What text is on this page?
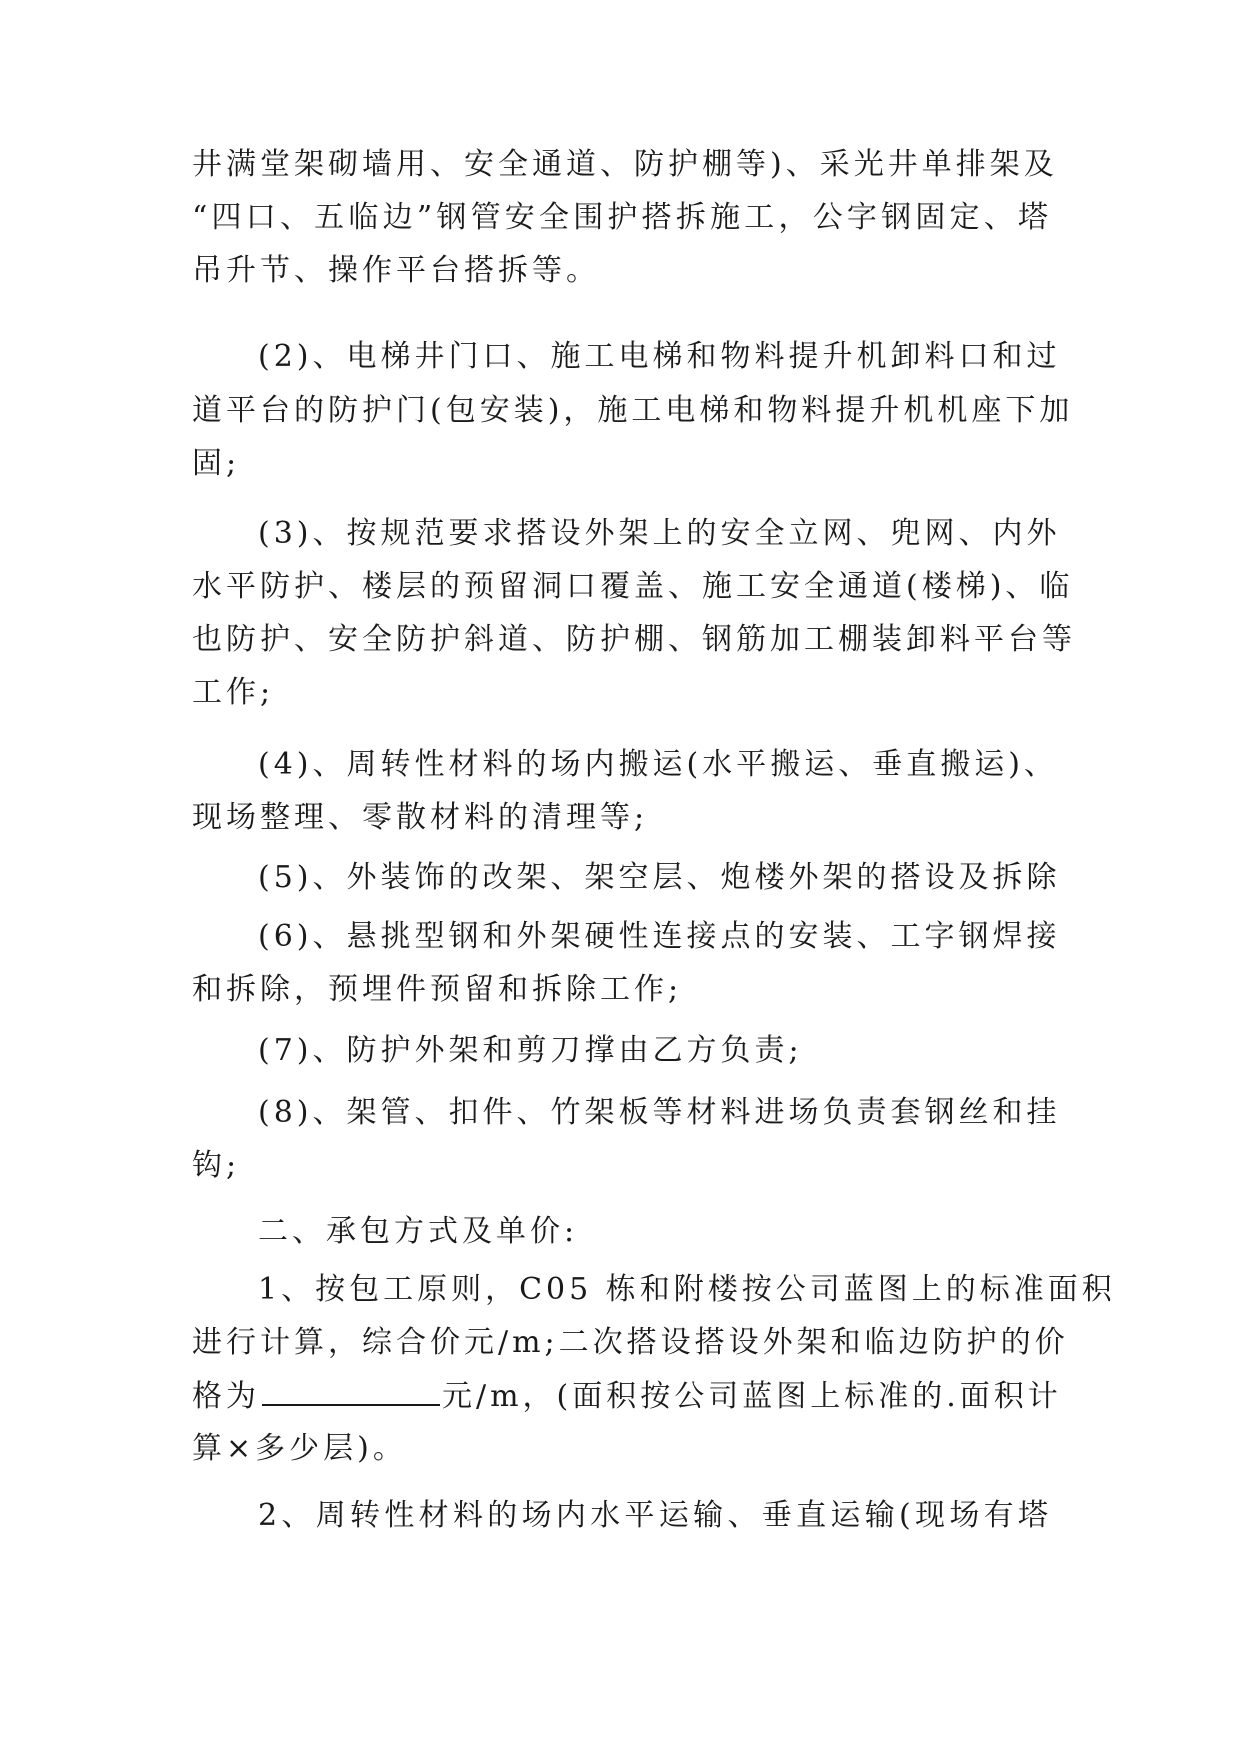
井满堂架砌墙用、安全通道、防护棚等)、采光井单排架及
“四口、五临边”钢管安全围护搭拆施工，公字钢固定、塔
吊升节、操作平台搭拆等。
(2)、电梯井门口、施工电梯和物料提升机卸料口和过
道平台的防护门(包安装)，施工电梯和物料提升机机座下加
固;
(3)、按规范要求搭设外架上的安全立网、兜网、内外
水平防护、楼层的预留洞口覆盖、施工安全通道(楼梯)、临
也防护、安全防护斜道、防护棚、钢筋加工棚装卸料平台等
工作;
(4)、周转性材料的场内搬运(水平搬运、垂直搬运)、
现场整理、零散材料的清理等;
(5)、外装饰的改架、架空层、炮楼外架的搭设及拆除
(6)、悬挑型钢和外架硬性连接点的安装、工字钢焊接
和拆除，预埋件预留和拆除工作;
(7)、防护外架和剪刀撑由乙方负责;
(8)、架管、扣件、竹架板等材料进场负责套钢丝和挂
钩;
二、承包方式及单价:
1、按包工原则，C05 栋和附楼按公司蓝图上的标准面积
进行计算，综合价元/m;二次搭设搭设外架和临边防护的价
格为	元/m，(面积按公司蓝图上标准的.面积计
算×多少层)。
2、周转性材料的场内水平运输、垂直运输(现场有塔
